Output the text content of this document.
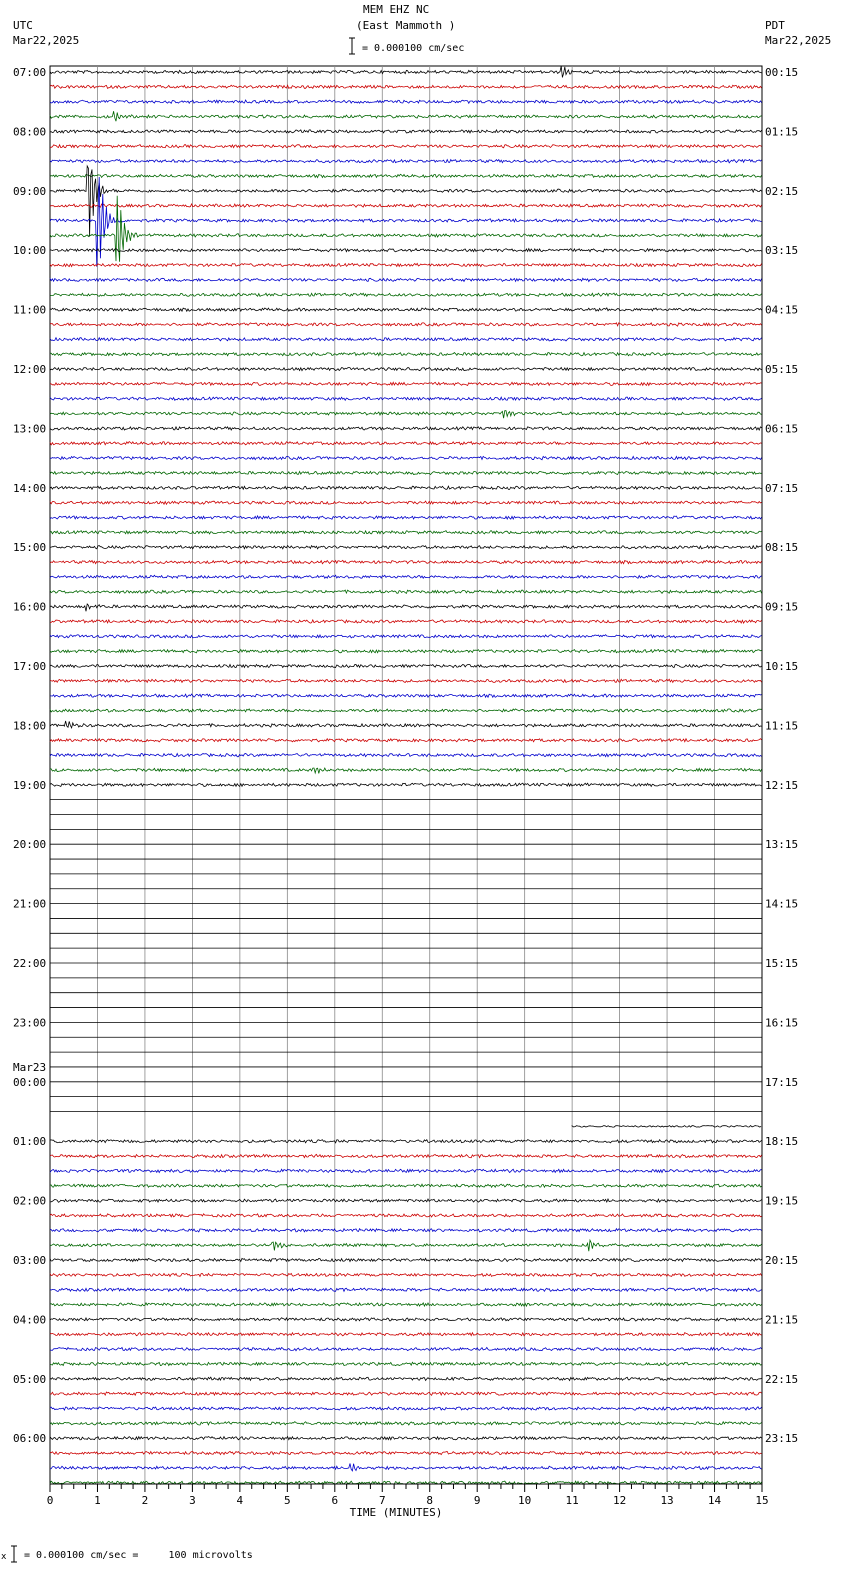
MEM EHZ NC
(East Mammoth )
UTC
Mar22,2025
PDT
Mar22,2025
= 0.000100 cm/sec
07:00
08:00
09:00
10:00
11:00
12:00
13:00
14:00
15:00
16:00
17:00
18:00
19:00
20:00
21:00
22:00
23:00
00:00
01:00
02:00
03:00
04:00
05:00
06:00
Mar23
00:15
01:15
02:15
03:15
04:15
05:15
06:15
07:15
08:15
09:15
10:15
11:15
12:15
13:15
14:15
15:15
16:15
17:15
18:15
19:15
20:15
21:15
22:15
23:15
0	1	2	3	4	5	6	7	8	9	10	11	12	13	14	15
TIME (MINUTES)
x = 0.000100 cm/sec =     100 microvolts
